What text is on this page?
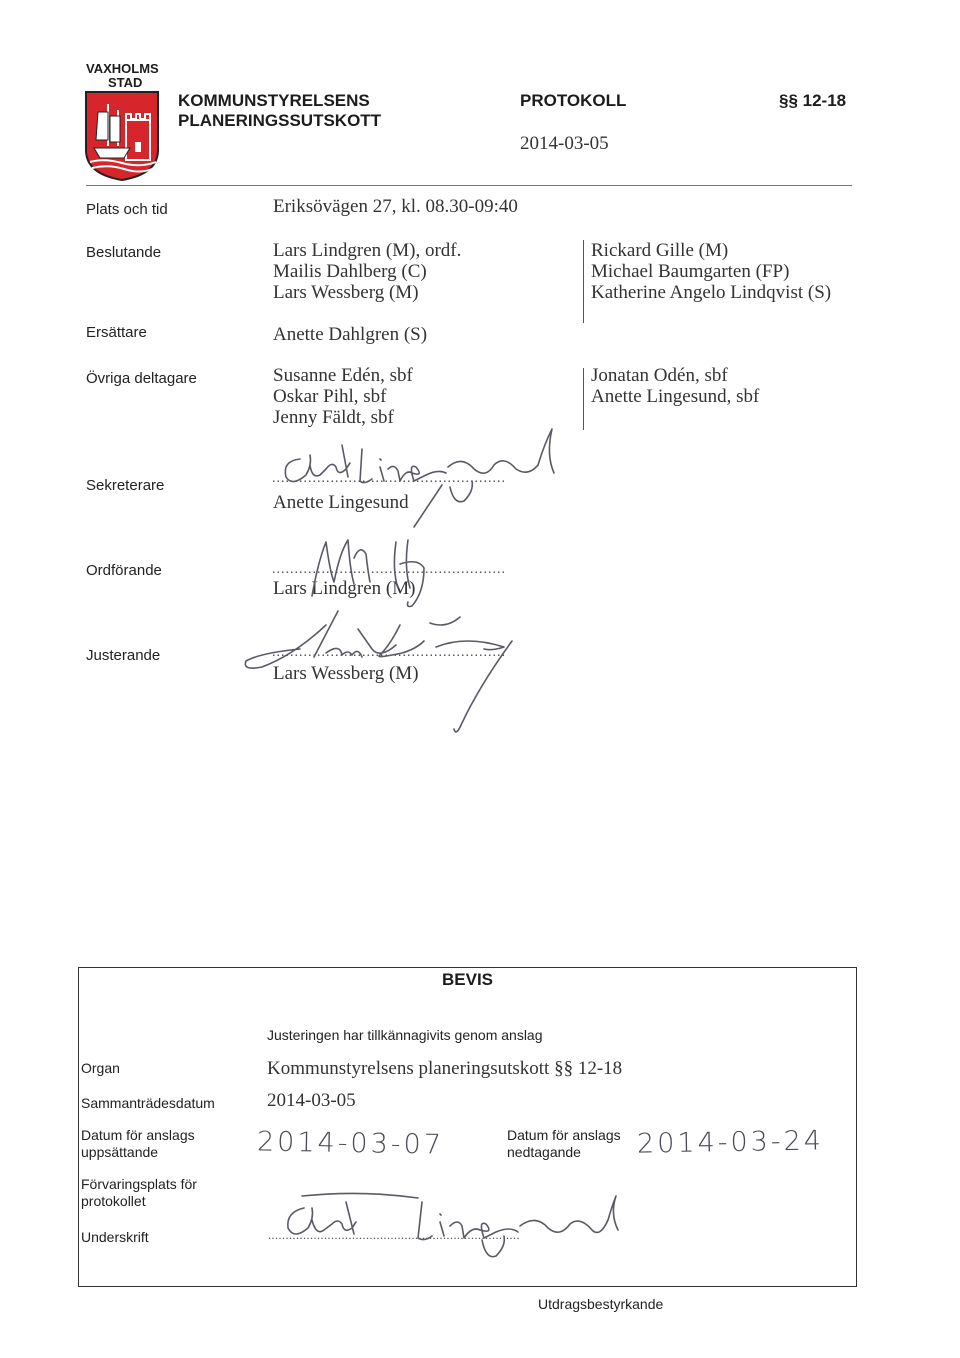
VAXHOLMS
STAD
KOMMUNSTYRELSENS
PLANERINGSSUTSKOTT
PROTOKOLL	§§ 12-18
2014-03-05
Plats och tid	Eriksövägen 27, kl. 08.30-09:40
Beslutande	Lars Lindgren (M), ordf.
Mailis Dahlberg (C)
Lars Wessberg (M)
Rickard Gille (M)
Michael Baumgarten (FP)
Katherine Angelo Lindqvist (S)
Ersättare	Anette Dahlgren (S)
Övriga deltagare	Susanne Edén, sbf
Oskar Pihl, sbf
Jenny Fäldt, sbf
Jonatan Odén, sbf
Anette Lingesund, sbf
Sekreterare	....................................................
Anette Lingesund
Ordförande	....................................................
Lars Lindgren (M)
Justerande	....................................................
Lars Wessberg (M)
BEVIS
Justeringen har tillkännagivits genom anslag
Organ	Kommunstyrelsens planeringsutskott §§ 12-18
Sammanträdesdatum	2014-03-05
Datum för anslags
uppsättande	2014-03-07	Datum för anslags
nedtagande	2014-03-24
Förvaringsplats för
protokollet
Underskrift	........................................................................
Utdragsbestyrkande
